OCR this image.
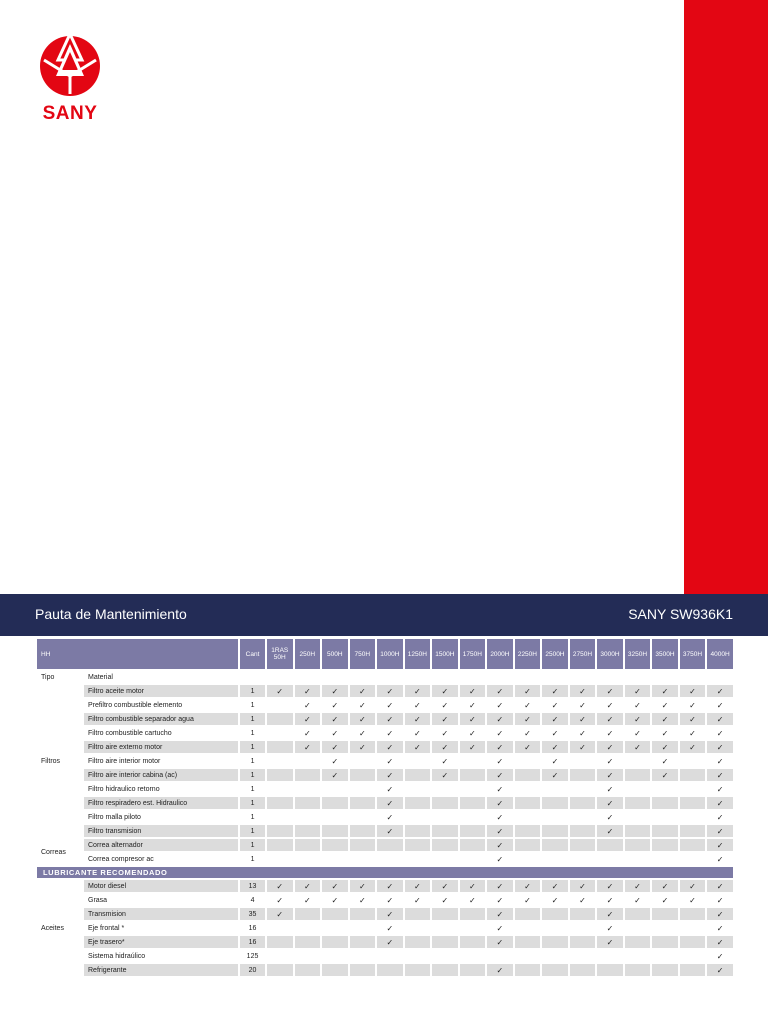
SANY
Pauta de Mantenimiento	SANY SW936K1
HH		Cant	1RAS
50H	250H	500H	750H	1000H	1250H	1500H	1750H	2000H	2250H	2500H	2750H	3000H	3250H	3500H	3750H	4000H
Tipo	Material																		
Filtros	Filtro aceite motor	1	✓	✓	✓	✓	✓	✓	✓	✓	✓	✓	✓	✓	✓	✓	✓	✓	✓
	Prefiltro combustible elemento	1		✓	✓	✓	✓	✓	✓	✓	✓	✓	✓	✓	✓	✓	✓	✓	✓
	Filtro combustible separador agua	1		✓	✓	✓	✓	✓	✓	✓	✓	✓	✓	✓	✓	✓	✓	✓	✓
	Filtro combustible cartucho	1		✓	✓	✓	✓	✓	✓	✓	✓	✓	✓	✓	✓	✓	✓	✓	✓
	Filtro aire externo motor	1		✓	✓	✓	✓	✓	✓	✓	✓	✓	✓	✓	✓	✓	✓	✓	✓
	Filtro aire interior motor	1			✓		✓		✓		✓		✓		✓		✓		✓
	Filtro aire interior cabina (ac)	1			✓		✓		✓		✓		✓		✓		✓		✓
	Filtro hidraulico retorno	1					✓				✓				✓				✓
	Filtro respiradero est. Hidraulico	1					✓				✓				✓				✓
	Filtro malla piloto	1					✓				✓				✓				✓
	Filtro transmision	1					✓				✓				✓				✓
Correas	Correa alternador	1									✓								✓
	Correa compresor ac	1									✓								✓
LUBRICANTE RECOMENDADO																			
Aceites	Motor diesel	13	✓	✓	✓	✓	✓	✓	✓	✓	✓	✓	✓	✓	✓	✓	✓	✓	✓
	Grasa	4	✓	✓	✓	✓	✓	✓	✓	✓	✓	✓	✓	✓	✓	✓	✓	✓	✓
	Transmision	35	✓				✓				✓				✓				✓
	Eje frontal *	16					✓				✓				✓				✓
	Eje trasero*	16					✓				✓				✓				✓
	Sistema hidraúlico	125																	✓
	Refrigerante	20									✓								✓
